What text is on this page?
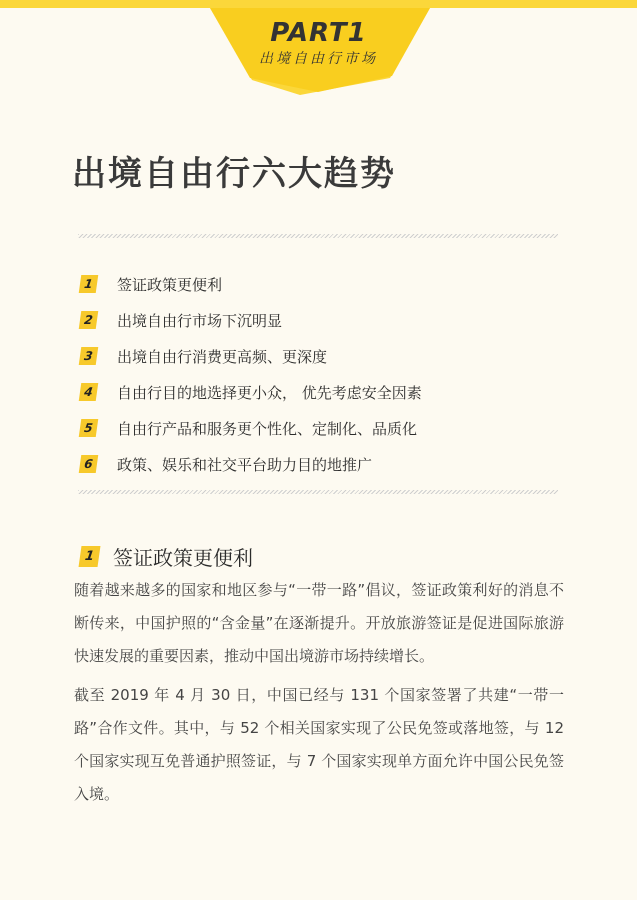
PART1
出境自由行市场
出境自由行六大趋势
1	签证政策更便利
2	出境自由行市场下沉明显
3	出境自由行消费更高频、更深度
4	自由行目的地选择更小众， 优先考虑安全因素
5	自由行产品和服务更个性化、定制化、品质化
6	政策、娱乐和社交平台助力目的地推广
1 签证政策更便利

随着越来越多的国家和地区参与“一带一路”倡议，签证政策利好的消息不断传来，中国护照的“含金量”在逐渐提升。开放旅游签证是促进国际旅游快速发展的重要因素，推动中国出境游市场持续增长。

截至 2019 年 4 月 30 日，中国已经与 131 个国家签署了共建“一带一路”合作文件。其中，与 52 个相关国家实现了公民免签或落地签，与 12 个国家实现互免普通护照签证，与 7 个国家实现单方面允许中国公民免签入境。
